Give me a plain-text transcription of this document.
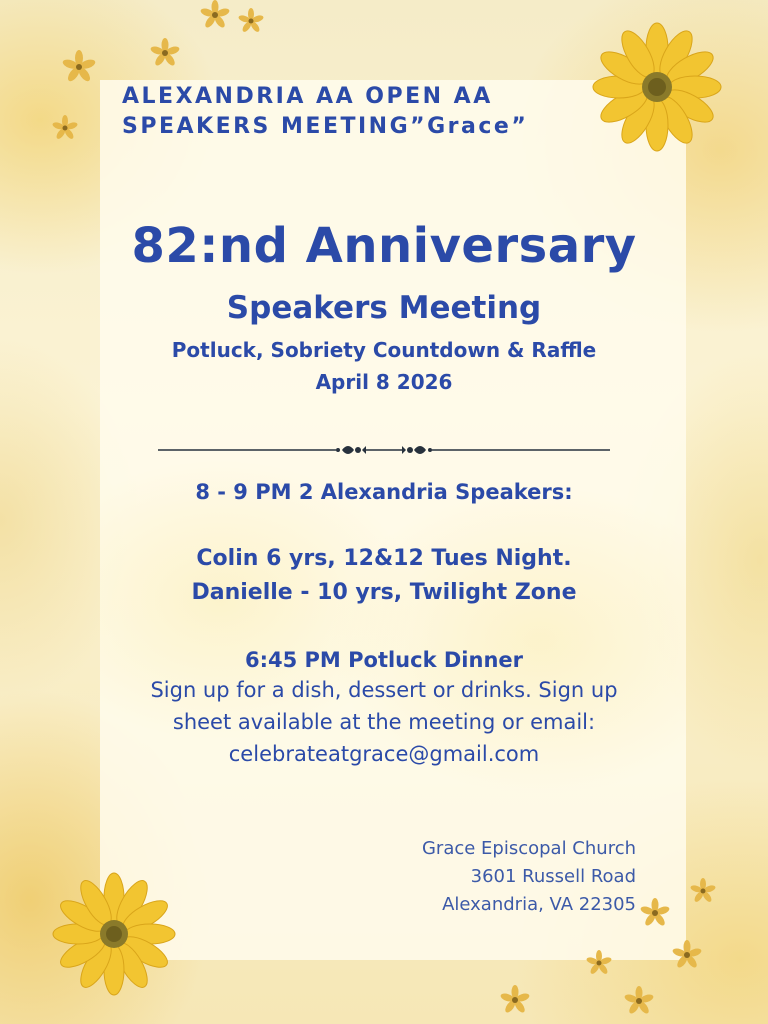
ALEXANDRIA AA OPEN AA
SPEAKERS MEETING”Grace”
82:nd Anniversary
Speakers Meeting
Potluck, Sobriety Countdown & Raffle
April 8 2026
8 - 9 PM 2 Alexandria Speakers:
Colin 6 yrs, 12&12 Tues Night.
Danielle - 10 yrs, Twilight Zone
6:45 PM Potluck Dinner
Sign up for a dish, dessert or drinks. Sign up
sheet available at the meeting or email:
celebrateatgrace@gmail.com
Grace Episcopal Church
3601 Russell Road
Alexandria, VA 22305
